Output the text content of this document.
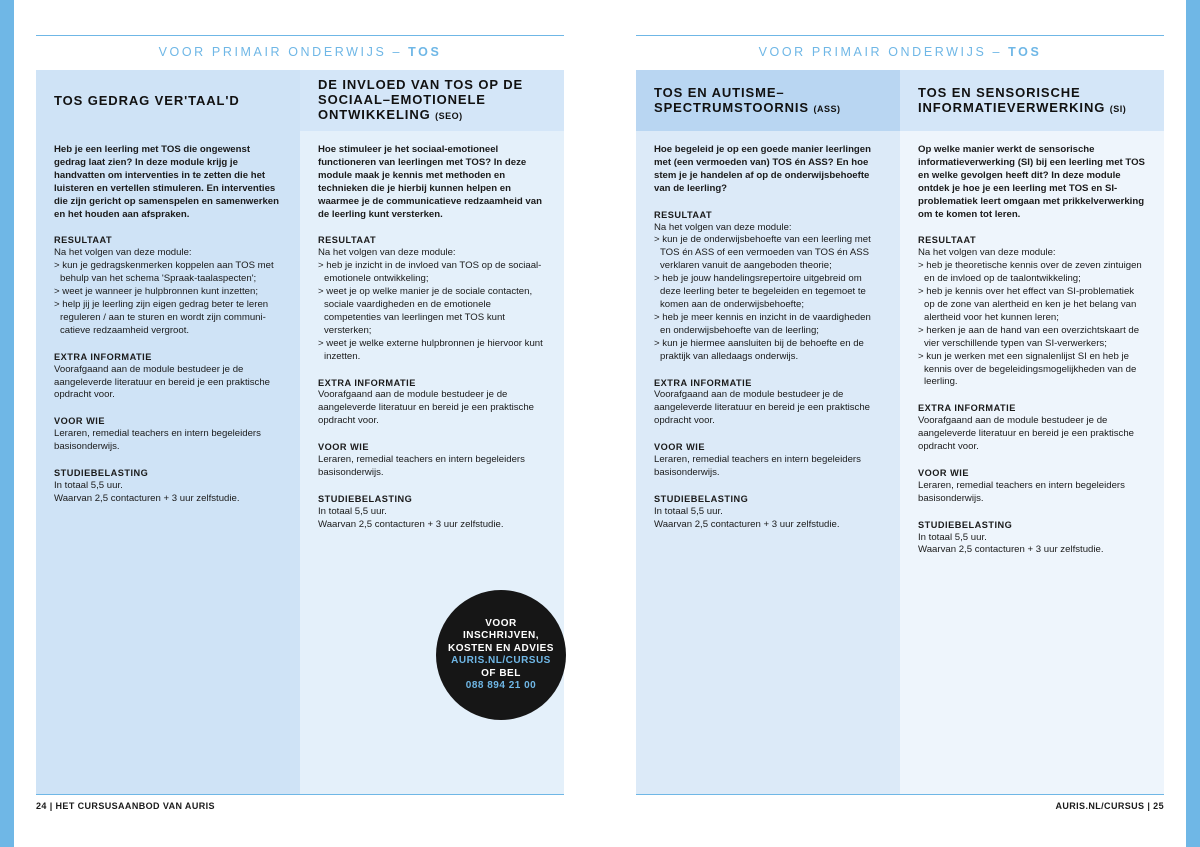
VOOR PRIMAIR ONDERWIJS – TOS
TOS GEDRAG VER'TAAL'D

Heb je een leerling met TOS die ongewenst gedrag laat zien? In deze module krijg je handvatten om interventies in te zetten die het luisteren en vertellen stimuleren. En interventies die zijn gericht op samenspelen en samenwerken en het houden aan afspraken.

RESULTAAT

Na het volgen van deze module:

> kun je gedragskenmerken koppelen aan TOS met behulp van het schema 'Spraak-taalaspecten';

> weet je wanneer je hulpbronnen kunt inzetten;

> help jij je leerling zijn eigen gedrag beter te leren reguleren / aan te sturen en wordt zijn communicatieve redzaamheid vergroot.

EXTRA INFORMATIE

Voorafgaand aan de module bestudeer je de aangeleverde literatuur en bereid je een praktische opdracht voor.

VOOR WIE

Leraren, remedial teachers en intern begeleiders basisonderwijs.

STUDIEBELASTING

In totaal 5,5 uur.

Waarvan 2,5 contacturen + 3 uur zelfstudie.

DE INVLOED VAN TOS OP DE SOCIAAL–EMOTIONELE ONTWIKKELING (SEO)

Hoe stimuleer je het sociaal-emotioneel functioneren van leerlingen met TOS? In deze module maak je kennis met methoden en technieken die je hierbij kunnen helpen en waarmee je de communicatieve redzaamheid van de leerling kunt versterken.

RESULTAAT

Na het volgen van deze module:

> heb je inzicht in de invloed van TOS op de sociaal-emotionele ontwikkeling;

> weet je op welke manier je de sociale contacten, sociale vaardigheden en de emotionele competenties van leerlingen met TOS kunt versterken;

> weet je welke externe hulpbronnen je hiervoor kunt inzetten.

EXTRA INFORMATIE

Voorafgaand aan de module bestudeer je de aangeleverde literatuur en bereid je een praktische opdracht voor.

VOOR WIE

Leraren, remedial teachers en intern begeleiders basisonderwijs.

STUDIEBELASTING

In totaal 5,5 uur.

Waarvan 2,5 contacturen + 3 uur zelfstudie.

VOOR
INSCHRIJVEN,
KOSTEN EN ADVIES
AURIS.NL/CURSUS
OF BEL
088 894 21 00
24 | HET CURSUSAANBOD VAN AURIS
VOOR PRIMAIR ONDERWIJS – TOS
TOS EN AUTISME–SPECTRUMSTOORNIS (ASS)

Hoe begeleid je op een goede manier leerlingen met (een vermoeden van) TOS én ASS? En hoe stem je je handelen af op de onderwijsbehoefte van de leerling?

RESULTAAT

Na het volgen van deze module:

> kun je de onderwijsbehoefte van een leerling met TOS én ASS of een vermoeden van TOS én ASS verklaren vanuit de aangeboden theorie;

> heb je jouw handelingsrepertoire uitgebreid om deze leerling beter te begeleiden en tegemoet te komen aan de onderwijsbehoefte;

> heb je meer kennis en inzicht in de vaardigheden en onderwijsbehoefte van de leerling;

> kun je hiermee aansluiten bij de behoefte en de praktijk van alledaags onderwijs.

EXTRA INFORMATIE

Voorafgaand aan de module bestudeer je de aangeleverde literatuur en bereid je een praktische opdracht voor.

VOOR WIE

Leraren, remedial teachers en intern begeleiders basisonderwijs.

STUDIEBELASTING

In totaal 5,5 uur.

Waarvan 2,5 contacturen + 3 uur zelfstudie.

TOS EN SENSORISCHE INFORMATIEVERWERKING (SI)

Op welke manier werkt de sensorische informatieverwerking (SI) bij een leerling met TOS en welke gevolgen heeft dit? In deze module ontdek je hoe je een leerling met TOS en SI-problematiek leert omgaan met prikkelverwerking om te komen tot leren.

RESULTAAT

Na het volgen van deze module:

> heb je theoretische kennis over de zeven zintuigen en de invloed op de taalontwikkeling;

> heb je kennis over het effect van SI-problematiek op de zone van alertheid en ken je het belang van alertheid voor het kunnen leren;

> herken je aan de hand van een overzichtskaart de vier verschillende typen van SI-verwerkers;

> kun je werken met een signalenlijst SI en heb je kennis over de begeleidingsmogelijkheden van de leerling.

EXTRA INFORMATIE

Voorafgaand aan de module bestudeer je de aangeleverde literatuur en bereid je een praktische opdracht voor.

VOOR WIE

Leraren, remedial teachers en intern begeleiders basisonderwijs.

STUDIEBELASTING

In totaal 5,5 uur.

Waarvan 2,5 contacturen + 3 uur zelfstudie.

AURIS.NL/CURSUS | 25
